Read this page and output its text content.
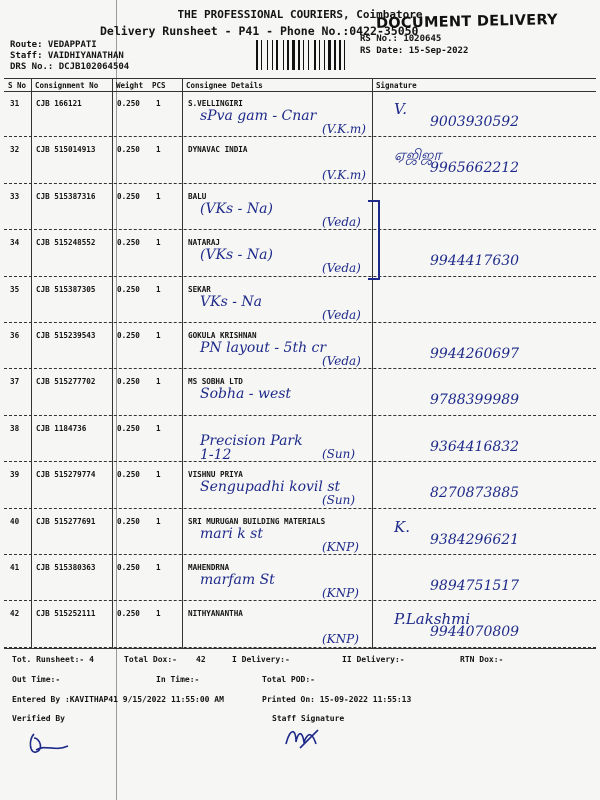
THE PROFESSIONAL COURIERS, Coimbatore
Delivery Runsheet - P41 - Phone No.:0422-35050
DOCUMENT DELIVERY
Route: VEDAPPATI
Staff: VAIDHIYANATHAN
DRS No.: DCJB102064504
RS No.: 1020645
RS Date: 15-Sep-2022
S No Consignment No Weight PCS	Consignee Details	Signature
31 CJB 166121	0.250 1	S.VELLINGIRI
sPva gam - Cnar
(V.K.m)
V.
9003930592
32 CJB 515014913	0.250 1	DYNAVAC INDIA
(V.K.m)
ஏஜிஜா
9965662212
33 CJB 515387316	0.250 1	BALU
(VKs - Na)
(Veda)
34 CJB 515248552	0.250 1	NATARAJ
(VKs - Na)
(Veda)	9944417630
35 CJB 515387305	0.250 1	SEKAR
VKs - Na
(Veda)
36 CJB 515239543	0.250 1	GOKULA KRISHNAN
PN layout - 5th cr
(Veda)	9944260697
37 CJB 515277702	0.250 1	MS SOBHA LTD
Sobha - west	9788399989
38 CJB 1184736	0.250 1
Precision Park
1-12	(Sun)	9364416832
39 CJB 515279774	0.250 1	VISHNU PRIYA
Sengupadhi kovil st
(Sun)	8270873885
40 CJB 515277691	0.250 1	SRI MURUGAN BUILDING MATERIALS
mari k st
(KNP)
K.
9384296621
41 CJB 515380363	0.250 1	MAHENDRNA
marfam St
(KNP)	9894751517
42 CJB 515252111	0.250 1	NITHYANANTHA
(KNP)
P.Lakshmi
9944070809
Tot. Runsheet:- 4	Total Dox:- 42	I Delivery:-	II Delivery:-	RTN Dox:-
Out Time:-	In Time:-	Total POD:-
Entered By :KAVITHAP41 9/15/2022 11:55:00 AM	Printed On: 15-09-2022 11:55:13
Verified By	Staff Signature
